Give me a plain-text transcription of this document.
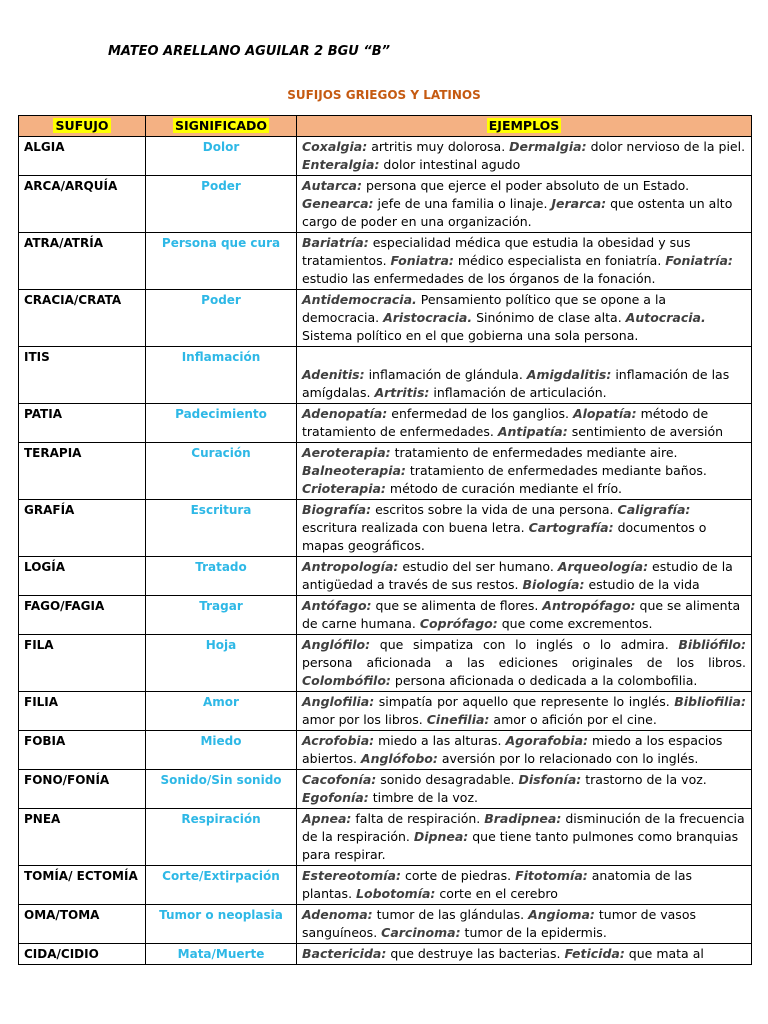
MATEO ARELLANO AGUILAR 2 BGU “B”
SUFIJOS GRIEGOS Y LATINOS
SUFUJO	SIGNIFICADO	EJEMPLOS
ALGIA	Dolor	Coxalgia: artritis muy dolorosa. Dermalgia: dolor nervioso de la piel. Enteralgia: dolor intestinal agudo
ARCA/ARQUÍA	Poder	Autarca: persona que ejerce el poder absoluto de un Estado. Genearca: jefe de una familia o linaje. Jerarca: que ostenta un alto cargo de poder en una organización.
ATRA/ATRÍA	Persona que cura	Bariatría: especialidad médica que estudia la obesidad y sus tratamientos. Foniatra: médico especialista en foniatría. Foniatría: estudio las enfermedades de los órganos de la fonación.
CRACIA/CRATA	Poder	Antidemocracia. Pensamiento político que se opone a la democracia. Aristocracia. Sinónimo de clase alta. Autocracia. Sistema político en el que gobierna una sola persona.
ITIS	Inflamación	Adenitis: inflamación de glándula. Amigdalitis: inflamación de las amígdalas. Artritis: inflamación de articulación.
PATIA	Padecimiento	Adenopatía: enfermedad de los ganglios. Alopatía: método de tratamiento de enfermedades. Antipatía: sentimiento de aversión
TERAPIA	Curación	Aeroterapia: tratamiento de enfermedades mediante aire. Balneoterapia: tratamiento de enfermedades mediante baños. Crioterapia: método de curación mediante el frío.
GRAFÍA	Escritura	Biografía: escritos sobre la vida de una persona. Caligrafía: escritura realizada con buena letra. Cartografía: documentos o mapas geográficos.
LOGÍA	Tratado	Antropología: estudio del ser humano. Arqueología: estudio de la antigüedad a través de sus restos. Biología: estudio de la vida
FAGO/FAGIA	Tragar	Antófago: que se alimenta de flores. Antropófago: que se alimenta de carne humana. Coprófago: que come excrementos.
FILA	Hoja	Anglófilo: que simpatiza con lo inglés o lo admira. Bibliófilo: persona aficionada a las ediciones originales de los libros. Colombófilo: persona aficionada o dedicada a la colombofilia.
FILIA	Amor	Anglofilia: simpatía por aquello que represente lo inglés. Bibliofilia: amor por los libros. Cinefilia: amor o afición por el cine.
FOBIA	Miedo	Acrofobia: miedo a las alturas. Agorafobia: miedo a los espacios abiertos. Anglófobo: aversión por lo relacionado con lo inglés.
FONO/FONÍA	Sonido/Sin sonido	Cacofonía: sonido desagradable. Disfonía: trastorno de la voz. Egofonía: timbre de la voz.
PNEA	Respiración	Apnea: falta de respiración. Bradipnea: disminución de la frecuencia de la respiración. Dipnea: que tiene tanto pulmones como branquias para respirar.
TOMÍA/ ECTOMÍA	Corte/Extirpación	Estereotomía: corte de piedras. Fitotomía: anatomia de las plantas. Lobotomía: corte en el cerebro
OMA/TOMA	Tumor o neoplasia	Adenoma: tumor de las glándulas. Angioma: tumor de vasos sanguíneos. Carcinoma: tumor de la epidermis.
CIDA/CIDIO	Mata/Muerte	Bactericida: que destruye las bacterias. Feticida: que mata al
